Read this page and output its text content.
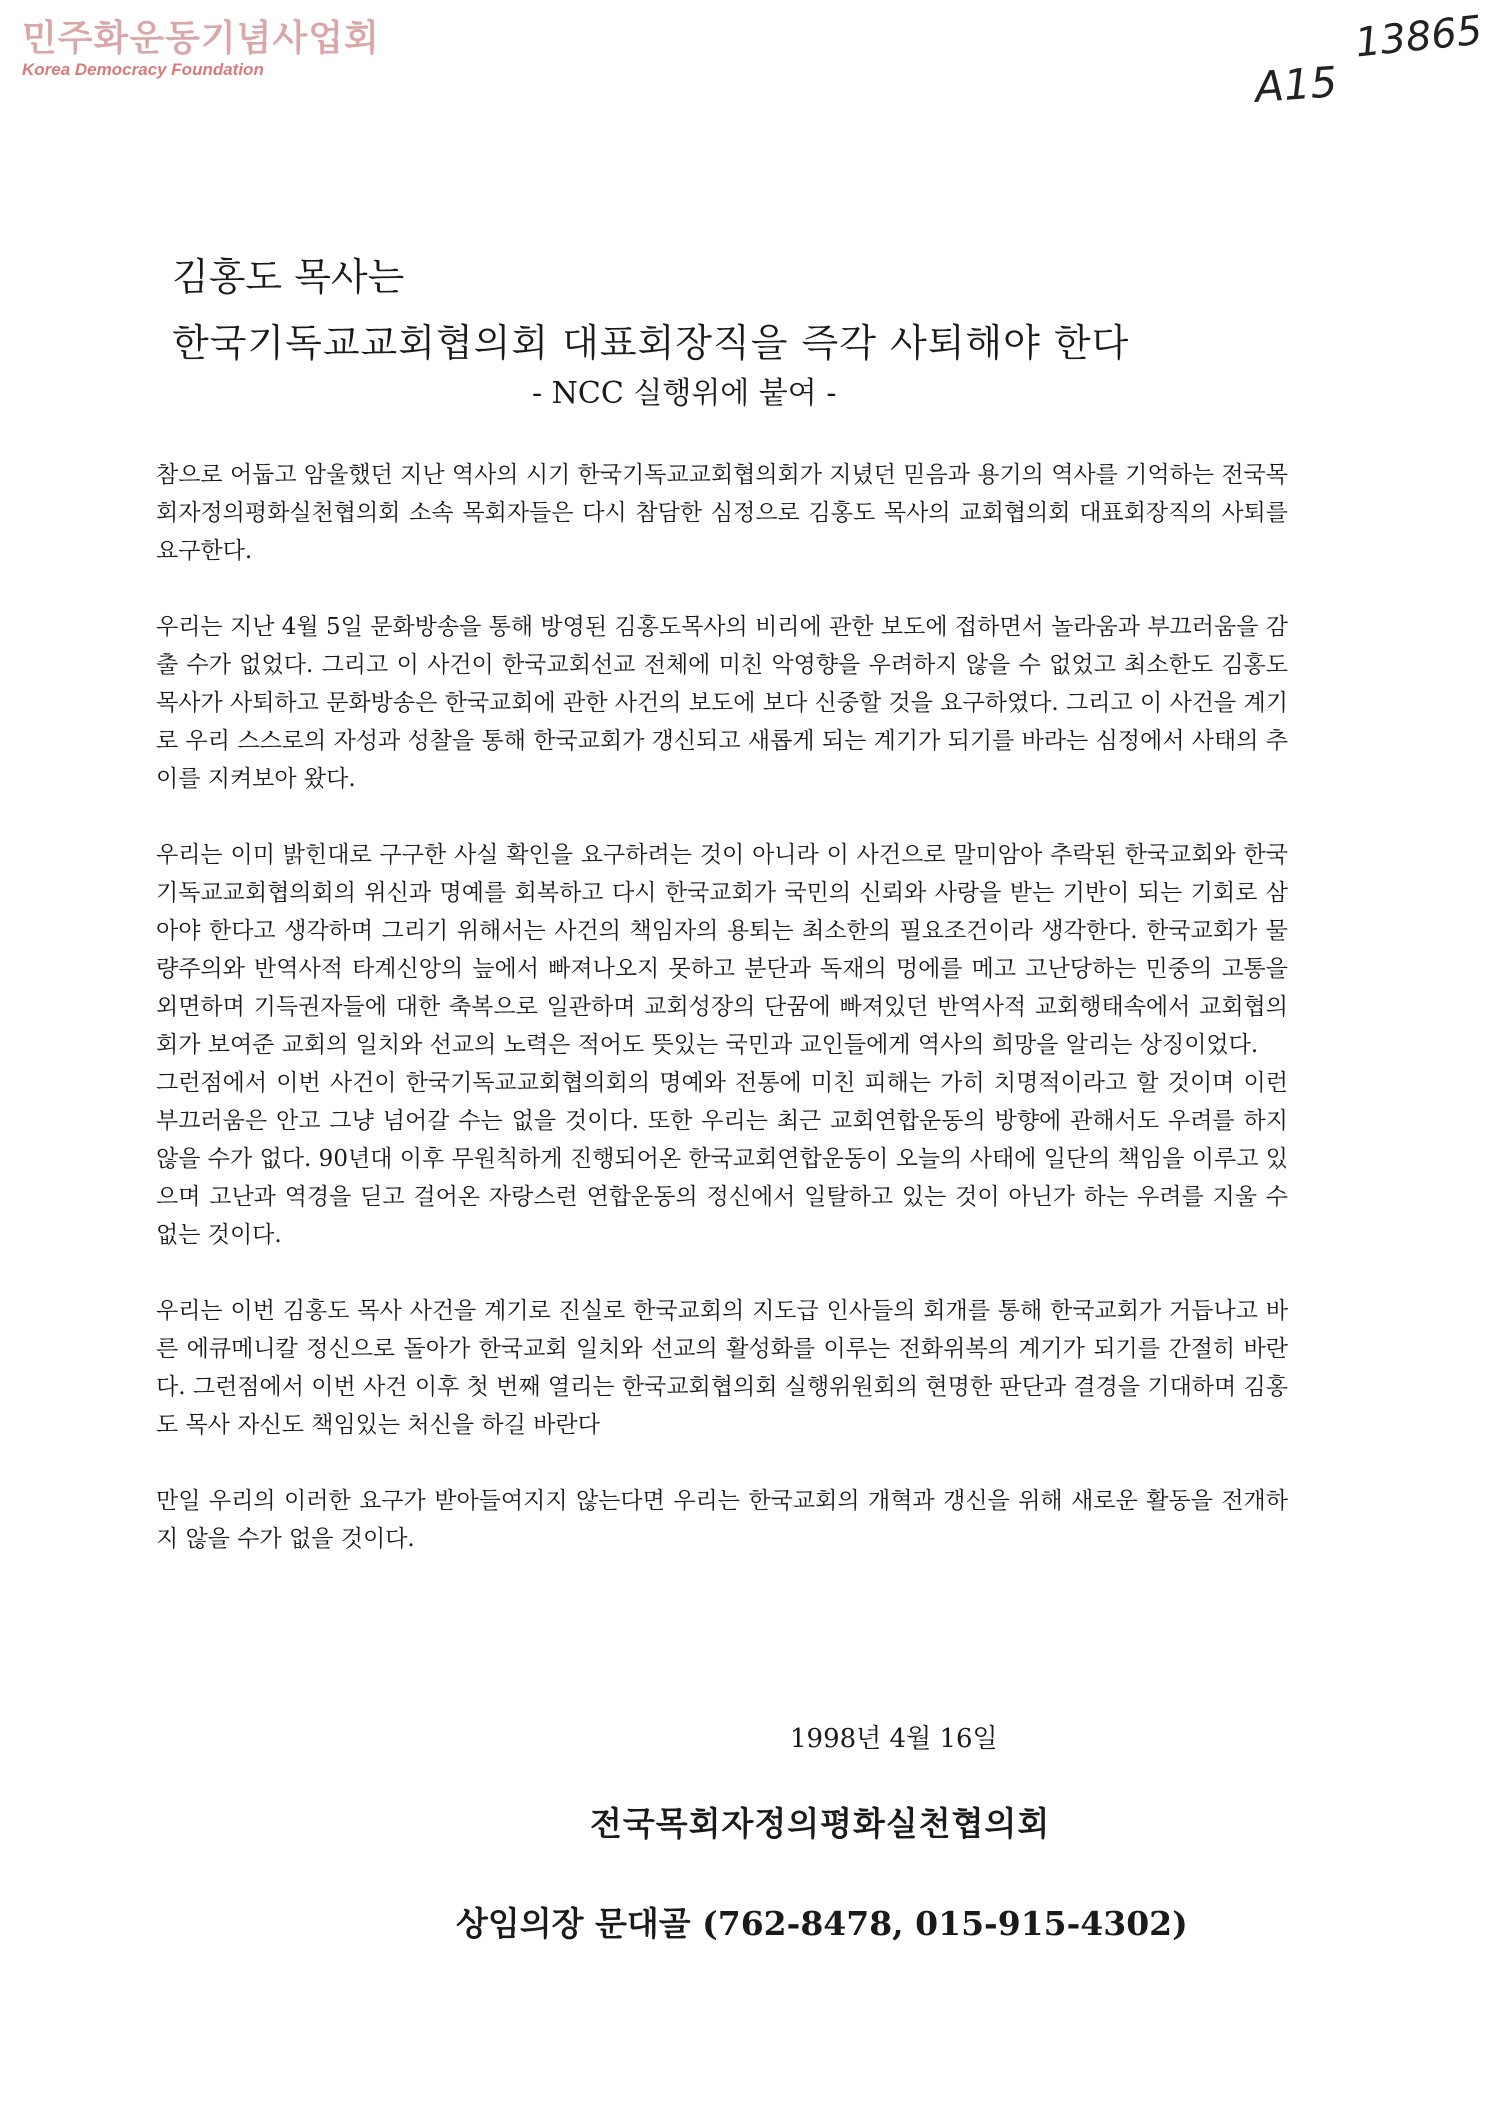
민주화운동기념사업회
Korea Democracy Foundation
13865
A15
김홍도 목사는
한국기독교교회협의회 대표회장직을 즉각 사퇴해야 한다
- NCC 실행위에 붙여 -

참으로 어둡고 암울했던 지난 역사의 시기 한국기독교교회협의회가 지녔던 믿음과 용기의 역사를 기억하는 전국목회자정의평화실천협의회 소속 목회자들은 다시 참담한 심정으로 김홍도 목사의 교회협의회 대표회장직의 사퇴를 요구한다.

우리는 지난 4월 5일 문화방송을 통해 방영된 김홍도목사의 비리에 관한 보도에 접하면서 놀라움과 부끄러움을 감출 수가 없었다. 그리고 이 사건이 한국교회선교 전체에 미친 악영향을 우려하지 않을 수 없었고 최소한도 김홍도 목사가 사퇴하고 문화방송은 한국교회에 관한 사건의 보도에 보다 신중할 것을 요구하였다. 그리고 이 사건을 계기로 우리 스스로의 자성과 성찰을 통해 한국교회가 갱신되고 새롭게 되는 계기가 되기를 바라는 심정에서 사태의 추이를 지켜보아 왔다.

우리는 이미 밝힌대로 구구한 사실 확인을 요구하려는 것이 아니라 이 사건으로 말미암아 추락된 한국교회와 한국기독교교회협의회의 위신과 명예를 회복하고 다시 한국교회가 국민의 신뢰와 사랑을 받는 기반이 되는 기회로 삼아야 한다고 생각하며 그리기 위해서는 사건의 책임자의 용퇴는 최소한의 필요조건이라 생각한다. 한국교회가 물량주의와 반역사적 타계신앙의 늪에서 빠져나오지 못하고 분단과 독재의 멍에를 메고 고난당하는 민중의 고통을 외면하며 기득권자들에 대한 축복으로 일관하며 교회성장의 단꿈에 빠져있던 반역사적 교회행태속에서 교회협의회가 보여준 교회의 일치와 선교의 노력은 적어도 뜻있는 국민과 교인들에게 역사의 희망을 알리는 상징이었다.

그런점에서 이번 사건이 한국기독교교회협의회의 명예와 전통에 미친 피해는 가히 치명적이라고 할 것이며 이런 부끄러움은 안고 그냥 넘어갈 수는 없을 것이다. 또한 우리는 최근 교회연합운동의 방향에 관해서도 우려를 하지 않을 수가 없다. 90년대 이후 무원칙하게 진행되어온 한국교회연합운동이 오늘의 사태에 일단의 책임을 이루고 있으며 고난과 역경을 딛고 걸어온 자랑스런 연합운동의 정신에서 일탈하고 있는 것이 아닌가 하는 우려를 지울 수 없는 것이다.

우리는 이번 김홍도 목사 사건을 계기로 진실로 한국교회의 지도급 인사들의 회개를 통해 한국교회가 거듭나고 바른 에큐메니칼 정신으로 돌아가 한국교회 일치와 선교의 활성화를 이루는 전화위복의 계기가 되기를 간절히 바란다. 그런점에서 이번 사건 이후 첫 번째 열리는 한국교회협의회 실행위원회의 현명한 판단과 결경을 기대하며 김홍도 목사 자신도 책임있는 처신을 하길 바란다

만일 우리의 이러한 요구가 받아들여지지 않는다면 우리는 한국교회의 개혁과 갱신을 위해 새로운 활동을 전개하지 않을 수가 없을 것이다.

1998년 4월 16일
전국목회자정의평화실천협의회
상임의장 문대골 (762-8478, 015-915-4302)
